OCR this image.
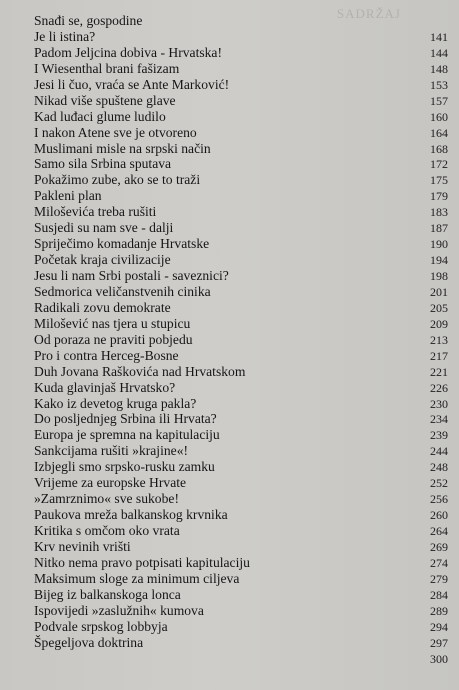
SADRŽAJ
Snađi se, gospodine
Je li istina?	141
Padom Jeljcina dobiva - Hrvatska!	144
I Wiesenthal brani fašizam	148
Jesi li čuo, vraća se Ante Marković!	153
Nikad više spuštene glave	157
Kad luđaci glume ludilo	160
I nakon Atene sve je otvoreno	164
Muslimani misle na srpski način	168
Samo sila Srbina sputava	172
Pokažimo zube, ako se to traži	175
Pakleni plan	179
Miloševića treba rušiti	183
Susjedi su nam sve - dalji	187
Spriječimo komadanje Hrvatske	190
Početak kraja civilizacije	194
Jesu li nam Srbi postali - saveznici?	198
Sedmorica veličanstvenih cinika	201
Radikali zovu demokrate	205
Milošević nas tjera u stupicu	209
Od poraza ne praviti pobjedu	213
Pro i contra Herceg-Bosne	217
Duh Jovana Raškovića nad Hrvatskom	221
Kuda glavinjaš Hrvatsko?	226
Kako iz devetog kruga pakla?	230
Do posljednjeg Srbina ili Hrvata?	234
Europa je spremna na kapitulaciju	239
Sankcijama rušiti »krajine«!	244
Izbjegli smo srpsko-rusku zamku	248
Vrijeme za europske Hrvate	252
»Zamrznimo« sve sukobe!	256
Paukova mreža balkanskog krvnika	260
Kritika s omčom oko vrata	264
Krv nevinih vrišti	269
Nitko nema pravo potpisati kapitulaciju	274
Maksimum sloge za minimum ciljeva	279
Bijeg iz balkanskoga lonca	284
Ispovijedi »zaslužnih« kumova	289
Podvale srpskog lobbyja	294
Špegeljova doktrina	297
300
